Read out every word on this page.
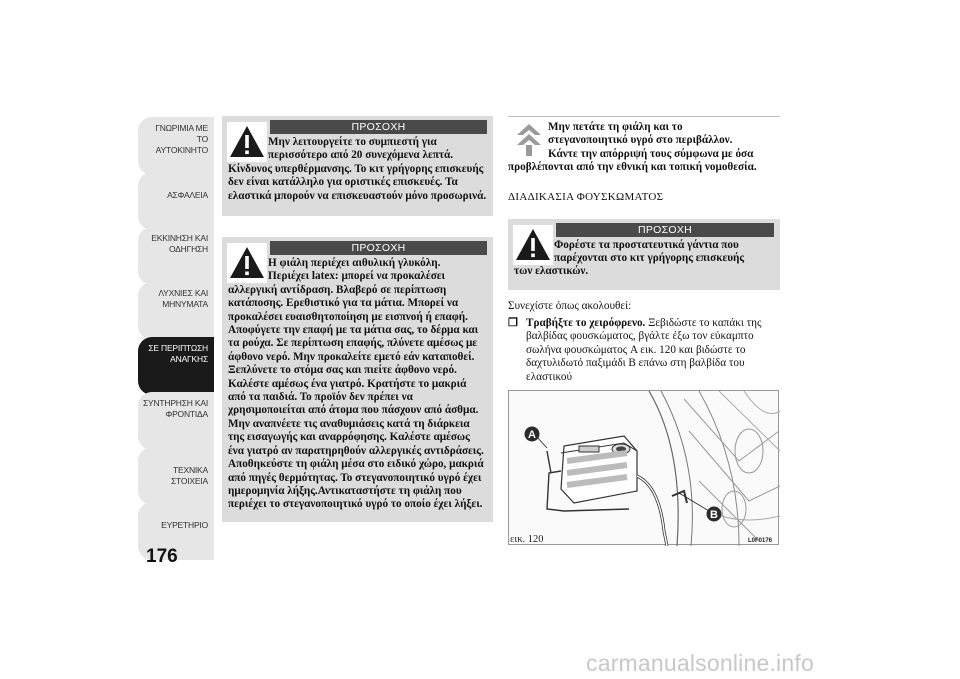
ΓΝΩΡΙΜΙΑ ΜΕ ΤΟ
ΑΥΤΟΚΙΝΗΤΟ
ΑΣΦΑΛΕΙΑ
ΕΚΚΙΝΗΣΗ ΚΑΙ
ΟΔΗΓΗΣΗ
ΛΥΧΝΙΕΣ ΚΑΙ
ΜΗΝΥΜΑΤΑ
ΣΕ ΠΕΡΙΠΤΩΣΗ
ΑΝΑΓΚΗΣ
ΣΥΝΤΗΡΗΣΗ ΚΑΙ
ΦΡΟΝΤΙΔΑ
ΤΕΧΝΙΚΑ ΣΤΟΙΧΕΙΑ
ΕΥΡΕΤΗΡΙΟ
176
ΠΡΟΣΟΧΗ

Μην λειτουργείτε το συμπιεστή για
περισσότερο από 20 συνεχόμενα λεπτά.
Κίνδυνος υπερθέρμανσης. Το κιτ γρήγορης επισκευής δεν είναι κατάλληλο για οριστικές επισκευές. Τα ελαστικά μπορούν να επισκευαστούν μόνο προσωρινά.

ΠΡΟΣΟΧΗ

Η φιάλη περιέχει αιθυλική γλυκόλη.
Περιέχει latex: μπορεί να προκαλέσει
αλλεργική αντίδραση. Βλαβερό σε περίπτωση κατάποσης. Ερεθιστικό για τα μάτια. Μπορεί να προκαλέσει ευαισθητοποίηση με εισπνοή ή επαφή. Αποφύγετε την επαφή με τα μάτια σας, το δέρμα και τα ρούχα. Σε περίπτωση επαφής, πλύνετε αμέσως με άφθονο νερό. Μην προκαλείτε εμετό εάν καταποθεί. Ξεπλύνετε το στόμα σας και πιείτε άφθονο νερό. Καλέστε αμέσως ένα γιατρό. Κρατήστε το μακριά από τα παιδιά. Το προϊόν δεν πρέπει να χρησιμοποιείται από άτομα που πάσχουν από άσθμα. Μην αναπνέετε τις αναθυμιάσεις κατά τη διάρκεια της εισαγωγής και αναρρόφησης. Καλέστε αμέσως ένα γιατρό αν παρατηρηθούν αλλεργικές αντιδράσεις. Αποθηκεύστε τη φιάλη μέσα στο ειδικό χώρο, μακριά από πηγές θερμότητας. Το στεγανοποιητικό υγρό έχει ημερομηνία λήξης.Αντικαταστήστε τη φιάλη που περιέχει το στεγανοποιητικό υγρό το οποίο έχει λήξει.

Μην πετάτε τη φιάλη και το
στεγανοποιητικό υγρό στο περιβάλλον.
Κάντε την απόρριψή τους σύμφωνα με όσα
προβλέπονται από την εθνική και τοπική νομοθεσία.

ΔΙΑΔΙΚΑΣΙΑ ΦΟΥΣΚΩΜΑΤΟΣ
ΠΡΟΣΟΧΗ

Φορέστε τα προστατευτικά γάντια που
παρέχονται στο κιτ γρήγορης επισκευής
των ελαστικών.

Συνεχίστε όπως ακολουθεί:

❒ Τραβήξτε το χειρόφρενο. Ξεβιδώστε το καπάκι της βαλβίδας φουσκώματος, βγάλτε έξω τον εύκαμπτο σωλήνα φουσκώματος A εικ. 120 και βιδώστε το δαχτυλιδωτό παξιμάδι B επάνω στη βαλβίδα του ελαστικού

A
B
εικ. 120	L0F0176
carmanualsonline.info
